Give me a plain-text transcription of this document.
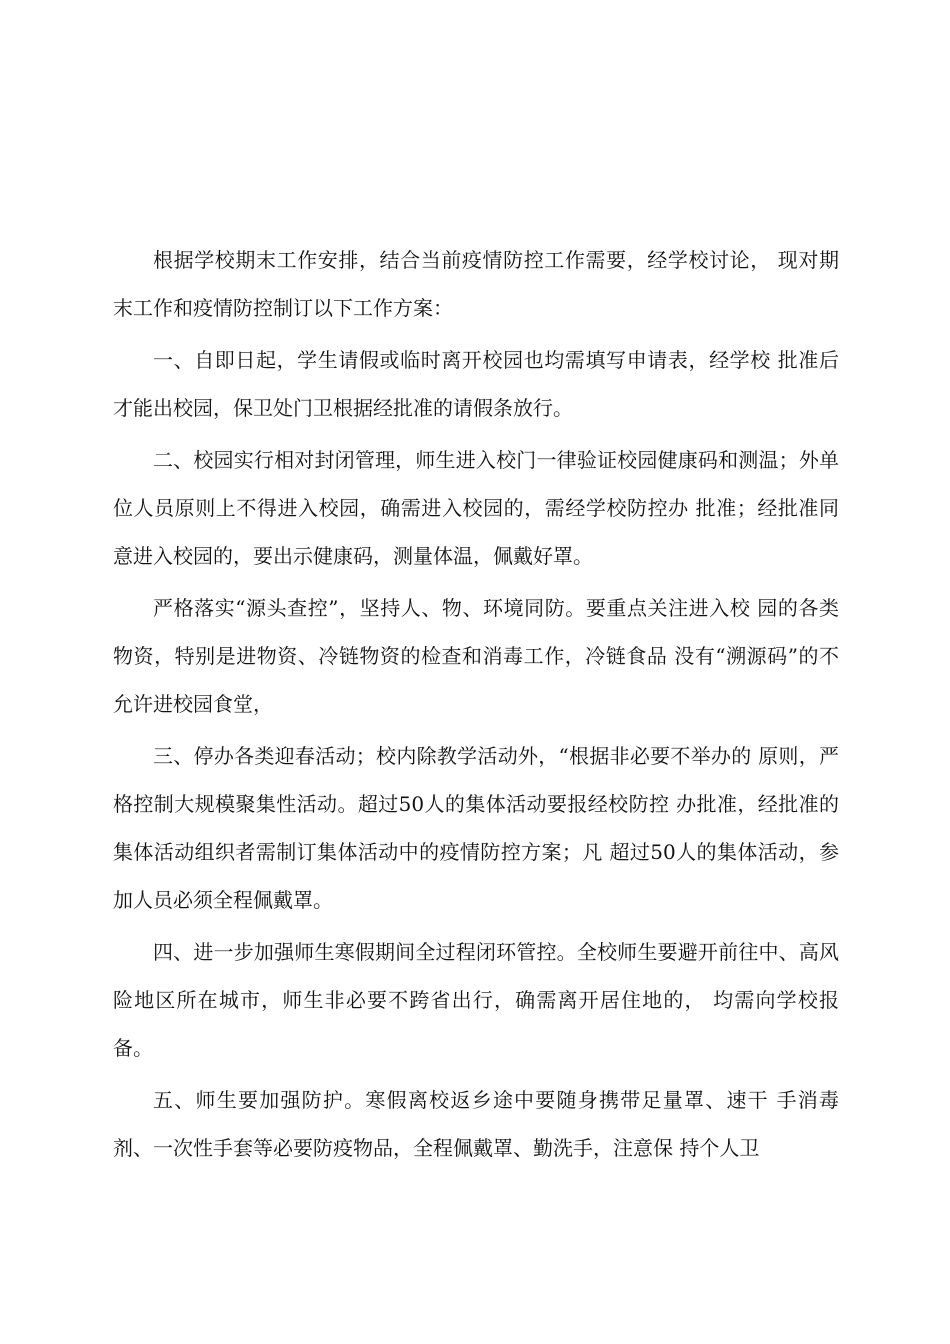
根据学校期末工作安排，结合当前疫情防控工作需要，经学校讨论， 现对期末工作和疫情防控制订以下工作方案：

一、自即日起，学生请假或临时离开校园也均需填写申请表，经学校 批准后才能出校园，保卫处门卫根据经批准的请假条放行。

二、校园实行相对封闭管理，师生进入校门一律验证校园健康码和测温；外单位人员原则上不得进入校园，确需进入校园的，需经学校防控办 批准；经批准同意进入校园的，要出示健康码，测量体温，佩戴好罩。

严格落实“源头查控”，坚持人、物、环境同防。要重点关注进入校 园的各类物资，特别是进物资、冷链物资的检查和消毒工作，冷链食品 没有“溯源码”的不允许进校园食堂，

三、停办各类迎春活动；校内除教学活动外，“根据非必要不举办的 原则，严格控制大规模聚集性活动。超过50人的集体活动要报经校防控 办批准，经批准的集体活动组织者需制订集体活动中的疫情防控方案；凡 超过50人的集体活动，参加人员必须全程佩戴罩。

四、进一步加强师生寒假期间全过程闭环管控。全校师生要避开前往中、高风险地区所在城市，师生非必要不跨省出行，确需离开居住地的， 均需向学校报备。

五、师生要加强防护。寒假离校返乡途中要随身携带足量罩、速干 手消毒剂、一次性手套等必要防疫物品，全程佩戴罩、勤洗手，注意保 持个人卫
